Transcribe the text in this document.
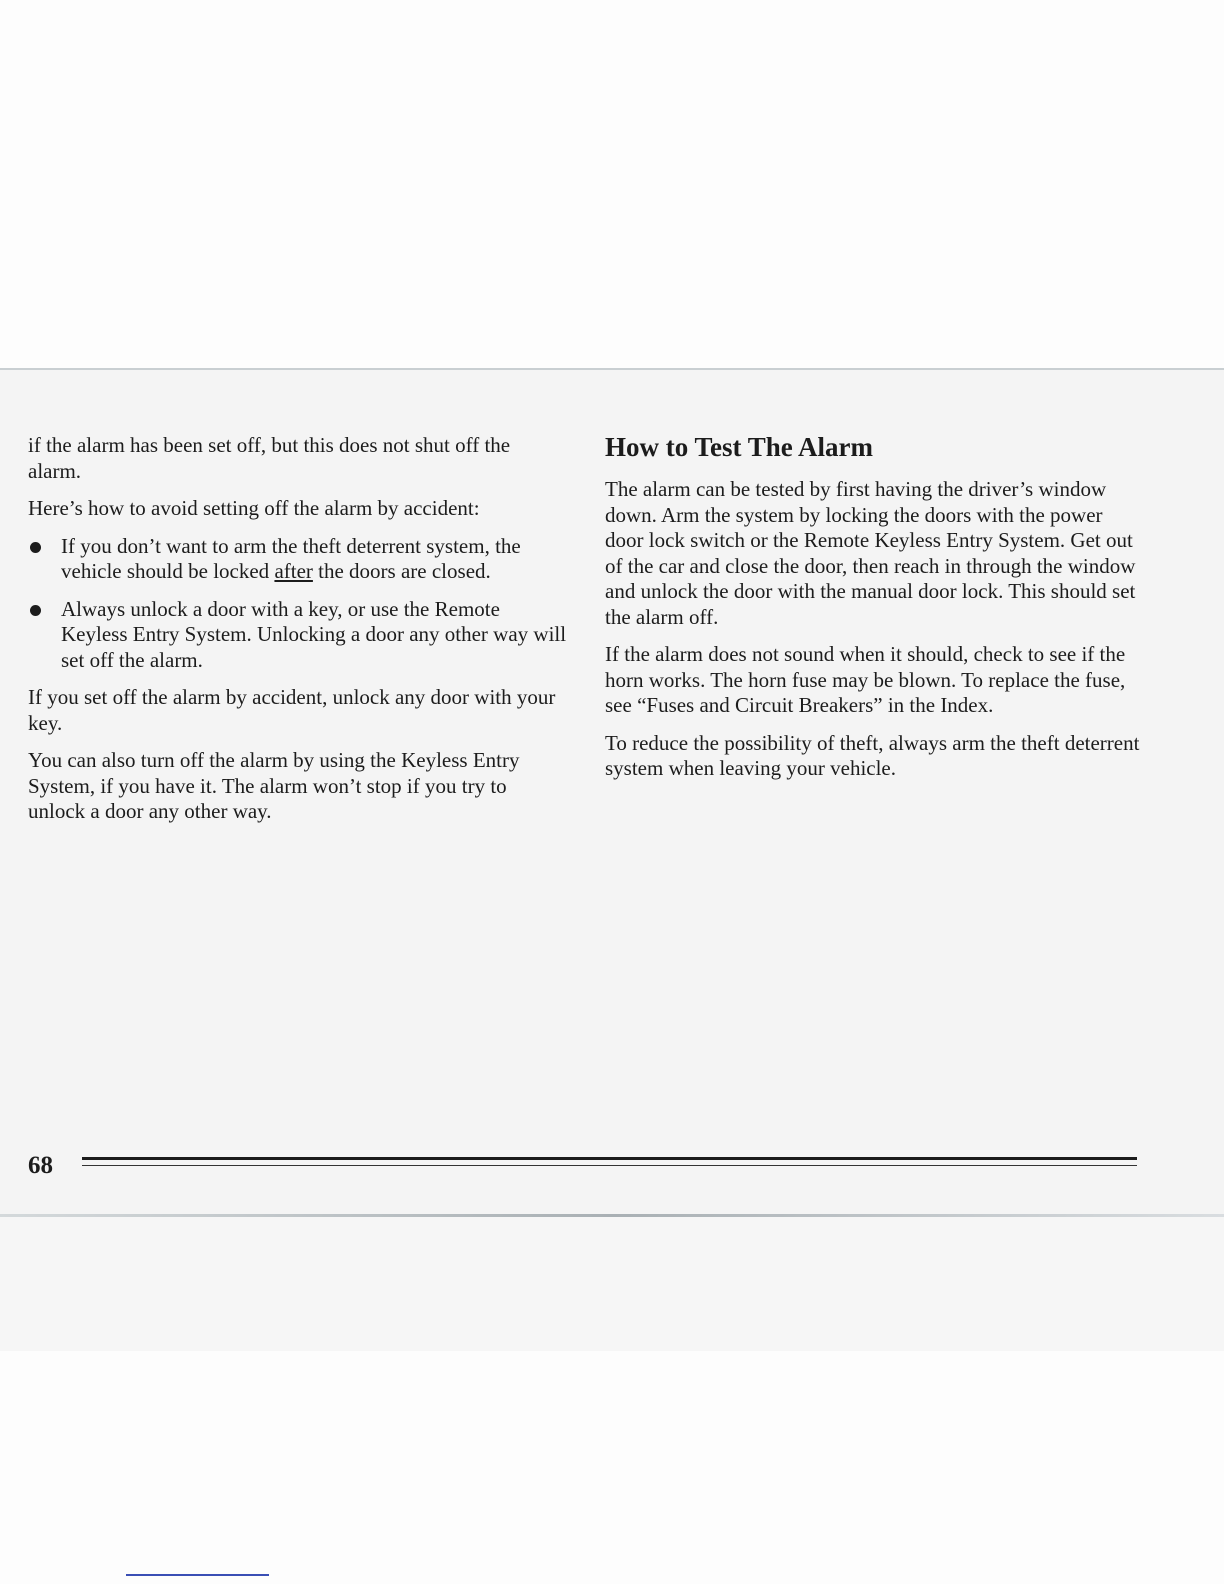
if the alarm has been set off, but this does not shut off the alarm.

Here’s how to avoid setting off the alarm by accident:

If you don’t want to arm the theft deterrent system, the vehicle should be locked after the doors are closed.
Always unlock a door with a key, or use the Remote Keyless Entry System. Unlocking a door any other way will set off the alarm.

If you set off the alarm by accident, unlock any door with your key.

You can also turn off the alarm by using the Keyless Entry System, if you have it. The alarm won’t stop if you try to unlock a door any other way.

How to Test The Alarm

The alarm can be tested by first having the driver’s window down. Arm the system by locking the doors with the power door lock switch or the Remote Keyless Entry System. Get out of the car and close the door, then reach in through the window and unlock the door with the manual door lock. This should set the alarm off.

If the alarm does not sound when it should, check to see if the horn works. The horn fuse may be blown. To replace the fuse, see “Fuses and Circuit Breakers” in the Index.

To reduce the possibility of theft, always arm the theft deterrent system when leaving your vehicle.

68
